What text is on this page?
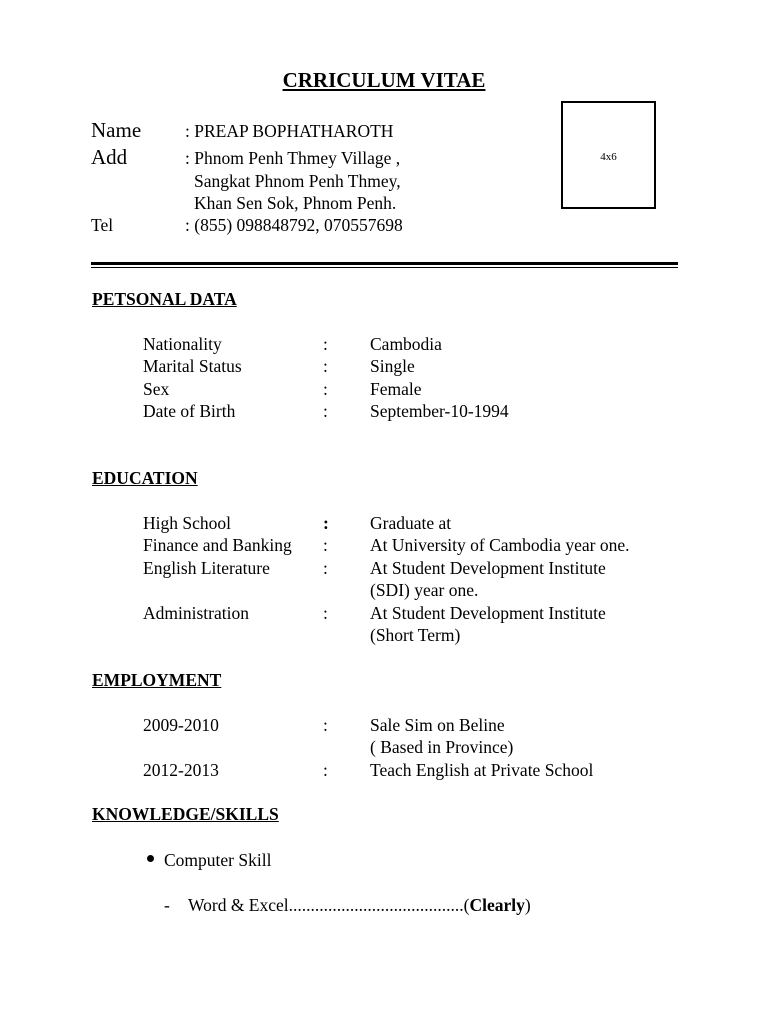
CRRICULUM VITAE
Name	: PREAP BOPHATHAROTH
Add	: Phnom Penh Thmey Village ,
Sangkat Phnom Penh Thmey,
Khan Sen Sok, Phnom Penh.
Tel	: (855) 098848792, 070557698
4x6
PETSONAL DATA
Nationality	: Cambodia
Marital Status	: Single
Sex	: Female
Date of Birth	: September-10-1994
EDUCATION
High School	: Graduate at
Finance and Banking : At University of Cambodia year one.
English Literature	: At Student Development Institute
(SDI) year one.
Administration	: At Student Development Institute
(Short Term)
EMPLOYMENT
2009-2010	: Sale Sim on Beline
( Based in Province)
2012-2013	: Teach English at Private School
KNOWLEDGE/SKILLS
Computer Skill
- Word & Excel........................................(Clearly)
